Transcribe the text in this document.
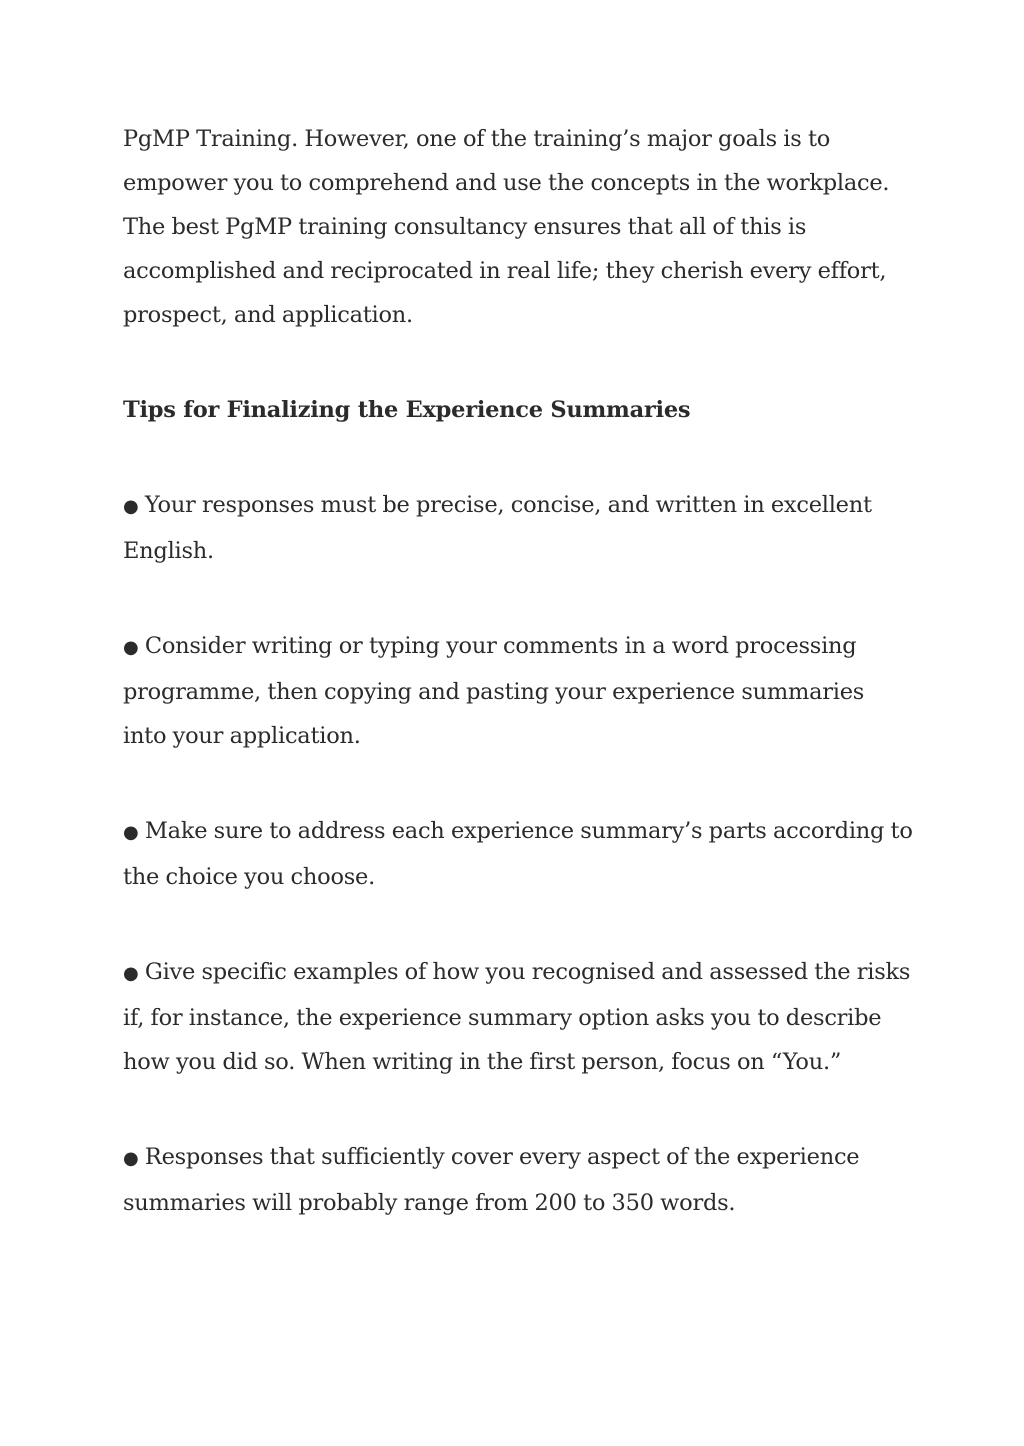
PgMP Training. However, one of the training’s major goals is to empower you to comprehend and use the concepts in the workplace. The best PgMP training consultancy ensures that all of this is accomplished and reciprocated in real life; they cherish every effort, prospect, and application.

Tips for Finalizing the Experience Summaries
● Your responses must be precise, concise, and written in excellent English.
● Consider writing or typing your comments in a word processing programme, then copying and pasting your experience summaries into your application.
● Make sure to address each experience summary’s parts according to the choice you choose.
● Give specific examples of how you recognised and assessed the risks if, for instance, the experience summary option asks you to describe how you did so. When writing in the first person, focus on “You.”
● Responses that sufficiently cover every aspect of the experience summaries will probably range from 200 to 350 words.
